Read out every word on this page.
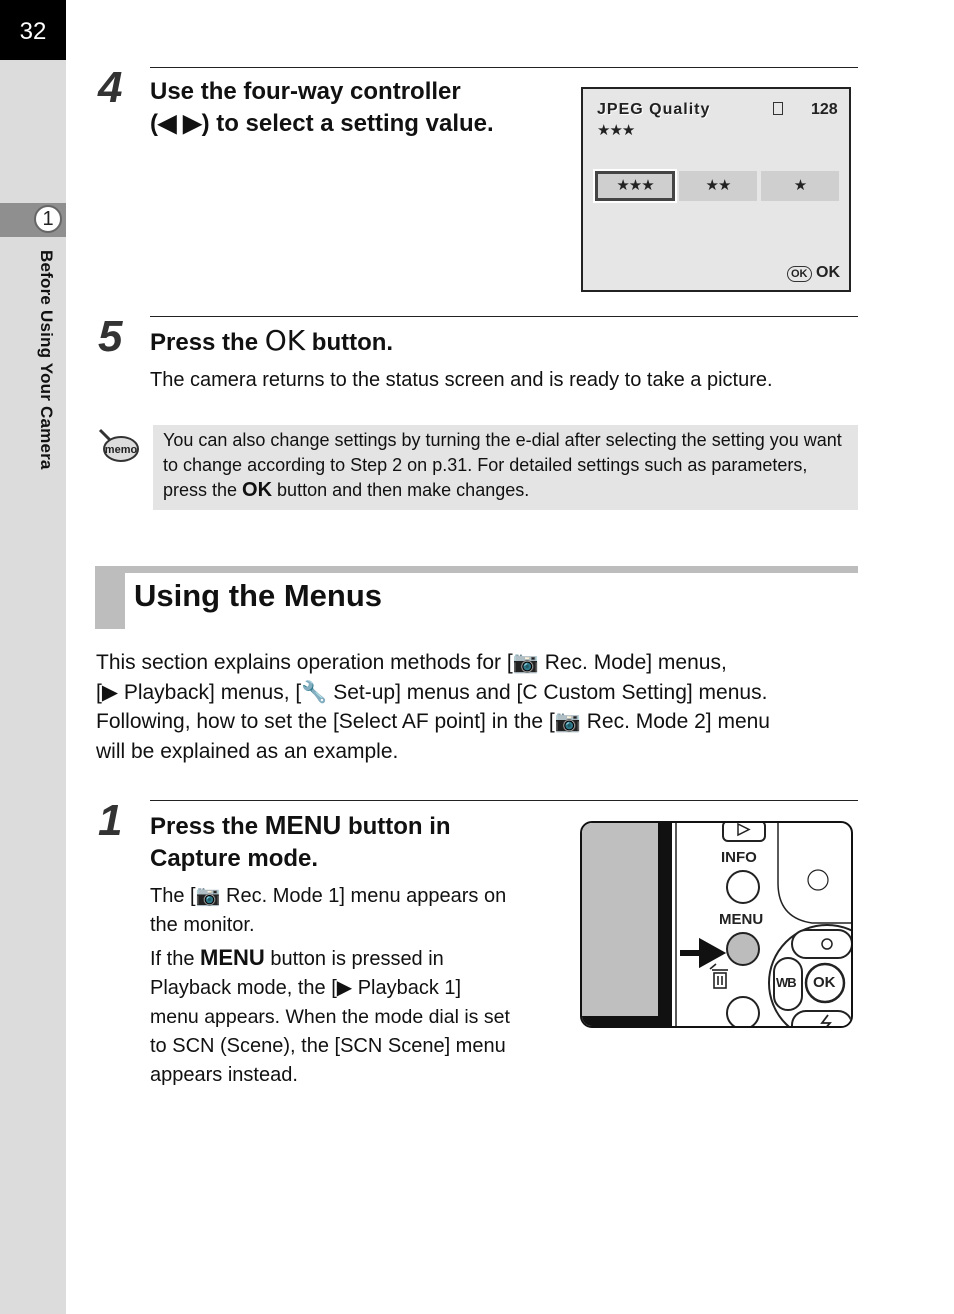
32
1
Before Using Your Camera
4 Use the four-way controller
(◀ ▶) to select a setting value.
JPEG Quality	128
★★★
★★★	★★	★
OK OK
5 Press the OK button.
The camera returns to the status screen and is ready to take a picture.
memo You can also change settings by turning the e-dial after selecting the setting you want to change according to Step 2 on p.31. For detailed settings such as parameters, press the OK button and then make changes.
Using the Menus
This section explains operation methods for [📷 Rec. Mode] menus,
[▶ Playback] menus, [🔧 Set-up] menus and [C Custom Setting] menus.
Following, how to set the [Select AF point] in the [📷 Rec. Mode 2] menu
will be explained as an example.
1 Press the MENU button in
Capture mode.
The [📷 Rec. Mode 1] menu appears on
the monitor.
If the MENU button is pressed in
Playback mode, the [▶ Playback 1]
menu appears. When the mode dial is set
to SCN (Scene), the [SCN Scene] menu
appears instead.
INFO
MENU
WB OK
